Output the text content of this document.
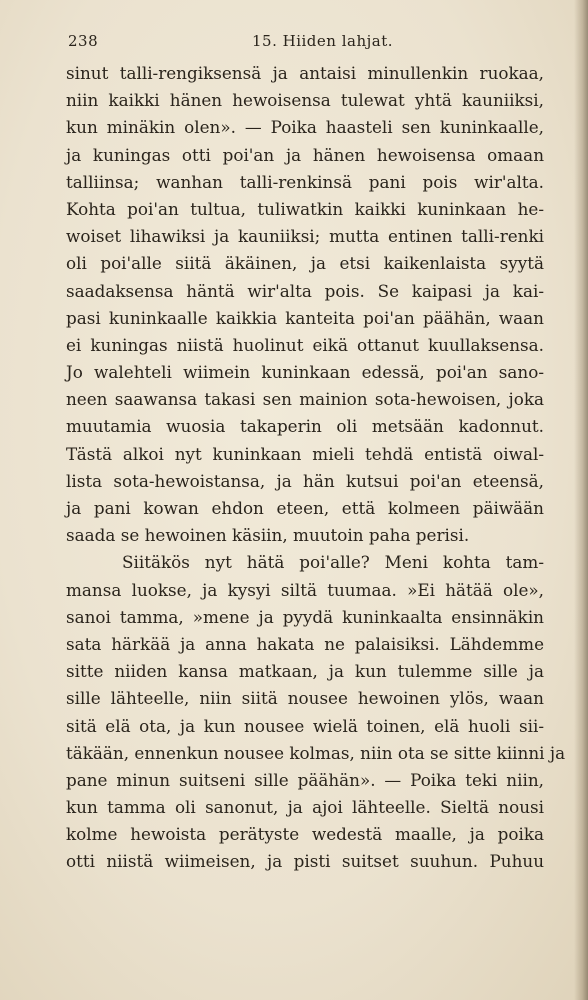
238	15. Hiiden lahjat.
sinut talli-rengiksensä ja antaisi minullenkin ruokaa,
niin kaikki hänen hewoisensa tulewat yhtä kauniiksi,
kun minäkin olen». — Poika haasteli sen kuninkaalle,
ja kuningas otti poi'an ja hänen hewoisensa omaan
talliinsa; wanhan talli-renkinsä pani pois wir'alta.
Kohta poi'an tultua, tuliwatkin kaikki kuninkaan he-
woiset lihawiksi ja kauniiksi; mutta entinen talli-renki
oli poi'alle siitä äkäinen, ja etsi kaikenlaista syytä
saadaksensa häntä wir'alta pois. Se kaipasi ja kai-
pasi kuninkaalle kaikkia kanteita poi'an päähän, waan
ei kuningas niistä huolinut eikä ottanut kuullaksensa.
Jo walehteli wiimein kuninkaan edessä, poi'an sano-
neen saawansa takasi sen mainion sota-hewoisen, joka
muutamia wuosia takaperin oli metsään kadonnut.
Tästä alkoi nyt kuninkaan mieli tehdä entistä oiwal-
lista sota-hewoistansa, ja hän kutsui poi'an eteensä,
ja pani kowan ehdon eteen, että kolmeen päiwään
saada se hewoinen käsiin, muutoin paha perisi.
Siitäkös nyt hätä poi'alle? Meni kohta tam-
mansa luokse, ja kysyi siltä tuumaa. »Ei hätää ole»,
sanoi tamma, »mene ja pyydä kuninkaalta ensinnäkin
sata härkää ja anna hakata ne palaisiksi. Lähdemme
sitte niiden kansa matkaan, ja kun tulemme sille ja
sille lähteelle, niin siitä nousee hewoinen ylös, waan
sitä elä ota, ja kun nousee wielä toinen, elä huoli sii-
täkään, ennenkun nousee kolmas, niin ota se sitte kiinni ja
pane minun suitseni sille päähän». — Poika teki niin,
kun tamma oli sanonut, ja ajoi lähteelle. Sieltä nousi
kolme hewoista perätyste wedestä maalle, ja poika
otti niistä wiimeisen, ja pisti suitset suuhun. Puhuu
